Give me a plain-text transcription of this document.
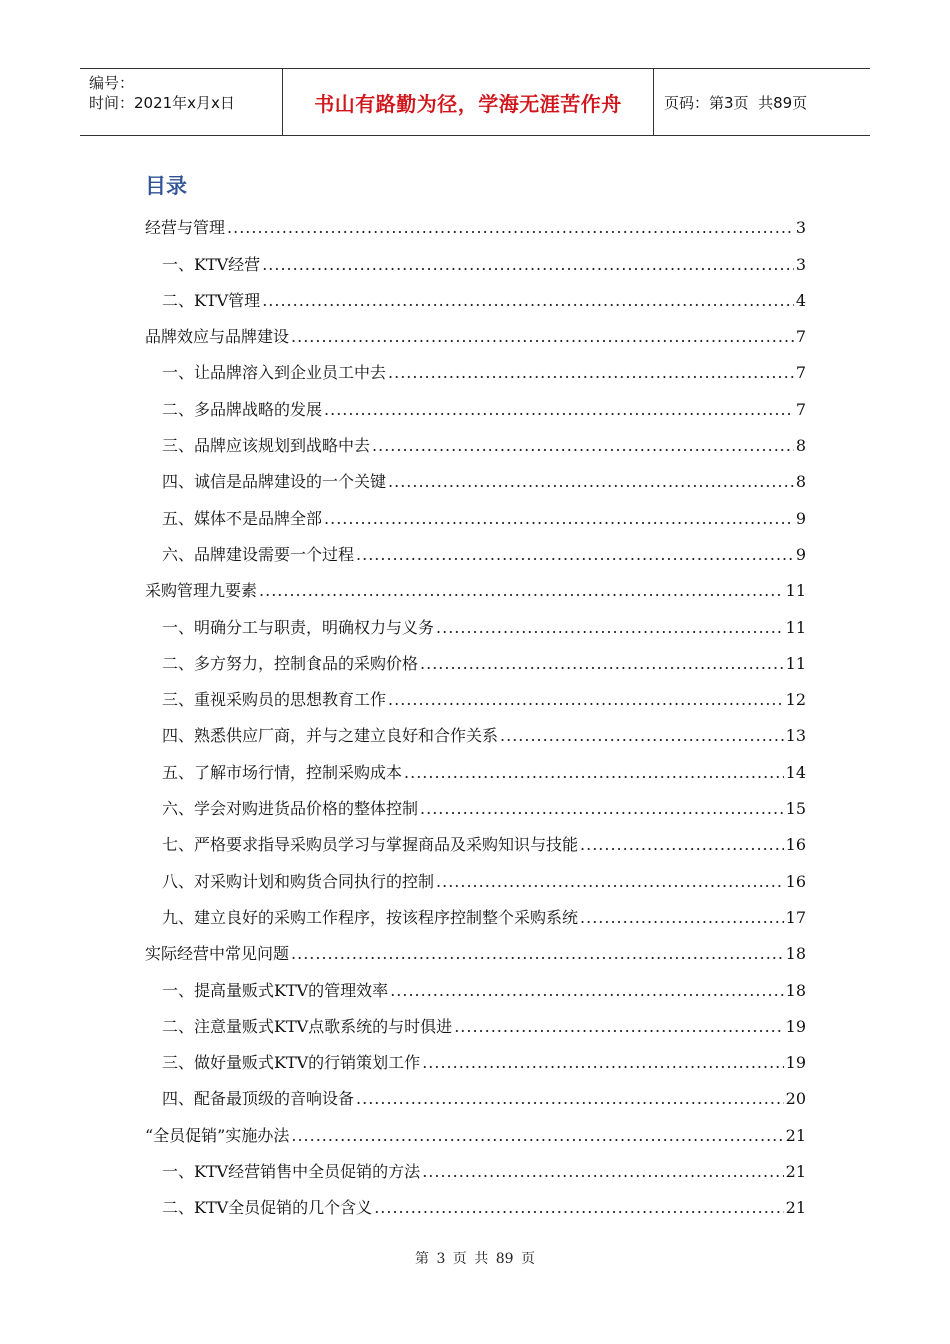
编号：
时间：2021年x月x日	书山有路勤为径，学海无涯苦作舟	页码：第3页  共89页
目录
经营与管理 .....	3
一、KTV经营 .....	3
二、KTV管理 .....	4
品牌效应与品牌建设 .....	7
一、让品牌溶入到企业员工中去 .....	7
二、多品牌战略的发展 .....	7
三、品牌应该规划到战略中去 .....	8
四、诚信是品牌建设的一个关键 .....	8
五、媒体不是品牌全部 .....	9
六、品牌建设需要一个过程 .....	9
采购管理九要素 .....	11
一、明确分工与职责，明确权力与义务 .....	11
二、多方努力，控制食品的采购价格 .....	11
三、重视采购员的思想教育工作 .....	12
四、熟悉供应厂商，并与之建立良好和合作关系 .....	13
五、了解市场行情，控制采购成本 .....	14
六、学会对购进货品价格的整体控制 .....	15
七、严格要求指导采购员学习与掌握商品及采购知识与技能 .....	16
八、对采购计划和购货合同执行的控制 .....	16
九、建立良好的采购工作程序，按该程序控制整个采购系统 .....	17
实际经营中常见问题 .....	18
一、提高量贩式KTV的管理效率 .....	18
二、注意量贩式KTV点歌系统的与时俱进 .....	19
三、做好量贩式KTV的行销策划工作 .....	19
四、配备最顶级的音响设备 .....	20
“全员促销”实施办法 .....	21
一、KTV经营销售中全员促销的方法 .....	21
二、KTV全员促销的几个含义 .....	21
第 3 页 共 89 页
